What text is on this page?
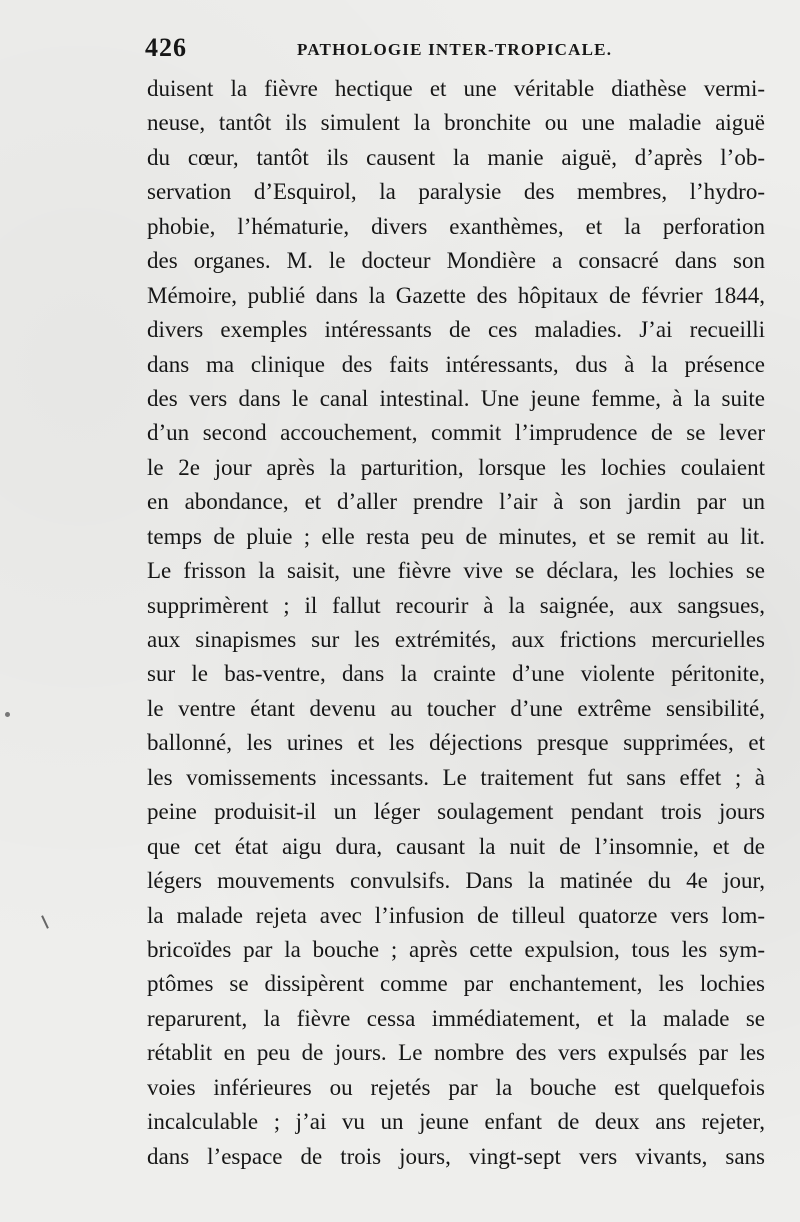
426	PATHOLOGIE INTER-TROPICALE.
duisent la fièvre hectique et une véritable diathèse vermi-
neuse, tantôt ils simulent la bronchite ou une maladie aiguë
du cœur, tantôt ils causent la manie aiguë, d’après l’ob-
servation d’Esquirol, la paralysie des membres, l’hydro-
phobie, l’hématurie, divers exanthèmes, et la perforation
des organes. M. le docteur Mondière a consacré dans son
Mémoire, publié dans la Gazette des hôpitaux de février 1844,
divers exemples intéressants de ces maladies. J’ai recueilli
dans ma clinique des faits intéressants, dus à la présence
des vers dans le canal intestinal. Une jeune femme, à la suite
d’un second accouchement, commit l’imprudence de se lever
le 2e jour après la parturition, lorsque les lochies coulaient
en abondance, et d’aller prendre l’air à son jardin par un
temps de pluie ; elle resta peu de minutes, et se remit au lit.
Le frisson la saisit, une fièvre vive se déclara, les lochies se
supprimèrent ; il fallut recourir à la saignée, aux sangsues,
aux sinapismes sur les extrémités, aux frictions mercurielles
sur le bas-ventre, dans la crainte d’une violente péritonite,
le ventre étant devenu au toucher d’une extrême sensibilité,
ballonné, les urines et les déjections presque supprimées, et
les vomissements incessants. Le traitement fut sans effet ; à
peine produisit-il un léger soulagement pendant trois jours
que cet état aigu dura, causant la nuit de l’insomnie, et de
légers mouvements convulsifs. Dans la matinée du 4e jour,
la malade rejeta avec l’infusion de tilleul quatorze vers lom-
bricoïdes par la bouche ; après cette expulsion, tous les sym-
ptômes se dissipèrent comme par enchantement, les lochies
reparurent, la fièvre cessa immédiatement, et la malade se
rétablit en peu de jours. Le nombre des vers expulsés par les
voies inférieures ou rejetés par la bouche est quelquefois
incalculable ; j’ai vu un jeune enfant de deux ans rejeter,
dans l’espace de trois jours, vingt-sept vers vivants, sans
